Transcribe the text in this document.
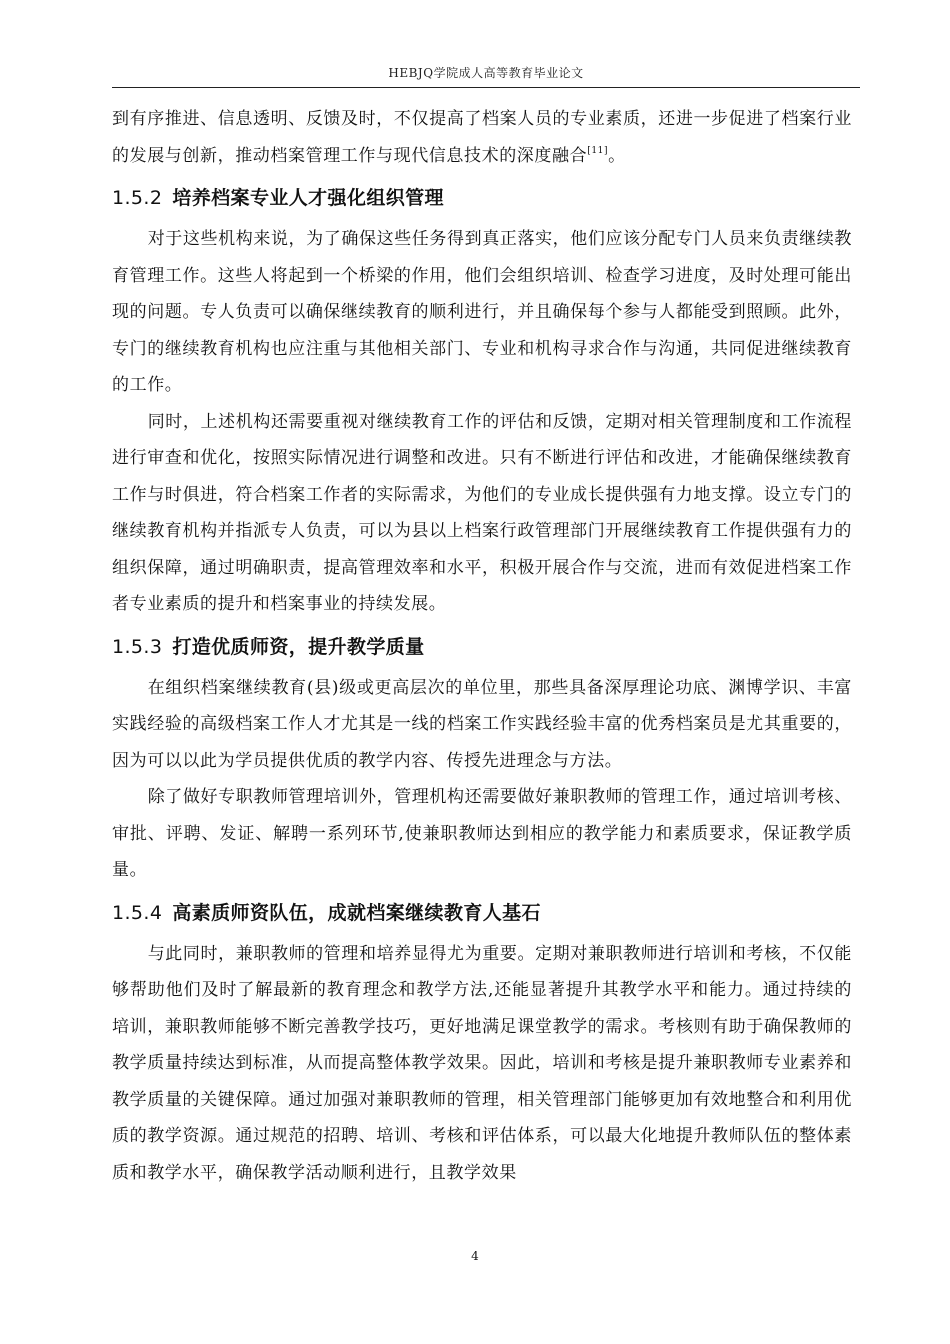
HEBJQ学院成人高等教育毕业论文

到有序推进、信息透明、反馈及时，不仅提高了档案人员的专业素质，还进一步促进了档案行业的发展与创新，推动档案管理工作与现代信息技术的深度融合[11]。

1.5.2 培养档案专业人才强化组织管理

对于这些机构来说，为了确保这些任务得到真正落实，他们应该分配专门人员来负责继续教育管理工作。这些人将起到一个桥梁的作用，他们会组织培训、检查学习进度，及时处理可能出现的问题。专人负责可以确保继续教育的顺利进行，并且确保每个参与人都能受到照顾。此外，专门的继续教育机构也应注重与其他相关部门、专业和机构寻求合作与沟通，共同促进继续教育的工作。

同时，上述机构还需要重视对继续教育工作的评估和反馈，定期对相关管理制度和工作流程进行审查和优化，按照实际情况进行调整和改进。只有不断进行评估和改进，才能确保继续教育工作与时俱进，符合档案工作者的实际需求，为他们的专业成长提供强有力地支撑。设立专门的继续教育机构并指派专人负责，可以为县以上档案行政管理部门开展继续教育工作提供强有力的组织保障，通过明确职责，提高管理效率和水平，积极开展合作与交流，进而有效促进档案工作者专业素质的提升和档案事业的持续发展。

1.5.3 打造优质师资，提升教学质量

在组织档案继续教育(县)级或更高层次的单位里，那些具备深厚理论功底、渊博学识、丰富实践经验的高级档案工作人才尤其是一线的档案工作实践经验丰富的优秀档案员是尤其重要的，因为可以以此为学员提供优质的教学内容、传授先进理念与方法。

除了做好专职教师管理培训外，管理机构还需要做好兼职教师的管理工作，通过培训考核、审批、评聘、发证、解聘一系列环节,使兼职教师达到相应的教学能力和素质要求，保证教学质量。

1.5.4 高素质师资队伍，成就档案继续教育人基石

与此同时，兼职教师的管理和培养显得尤为重要。定期对兼职教师进行培训和考核，不仅能够帮助他们及时了解最新的教育理念和教学方法,还能显著提升其教学水平和能力。通过持续的培训，兼职教师能够不断完善教学技巧，更好地满足课堂教学的需求。考核则有助于确保教师的教学质量持续达到标准，从而提高整体教学效果。因此，培训和考核是提升兼职教师专业素养和教学质量的关键保障。通过加强对兼职教师的管理，相关管理部门能够更加有效地整合和利用优质的教学资源。通过规范的招聘、培训、考核和评估体系，可以最大化地提升教师队伍的整体素质和教学水平，确保教学活动顺利进行，且教学效果

4
